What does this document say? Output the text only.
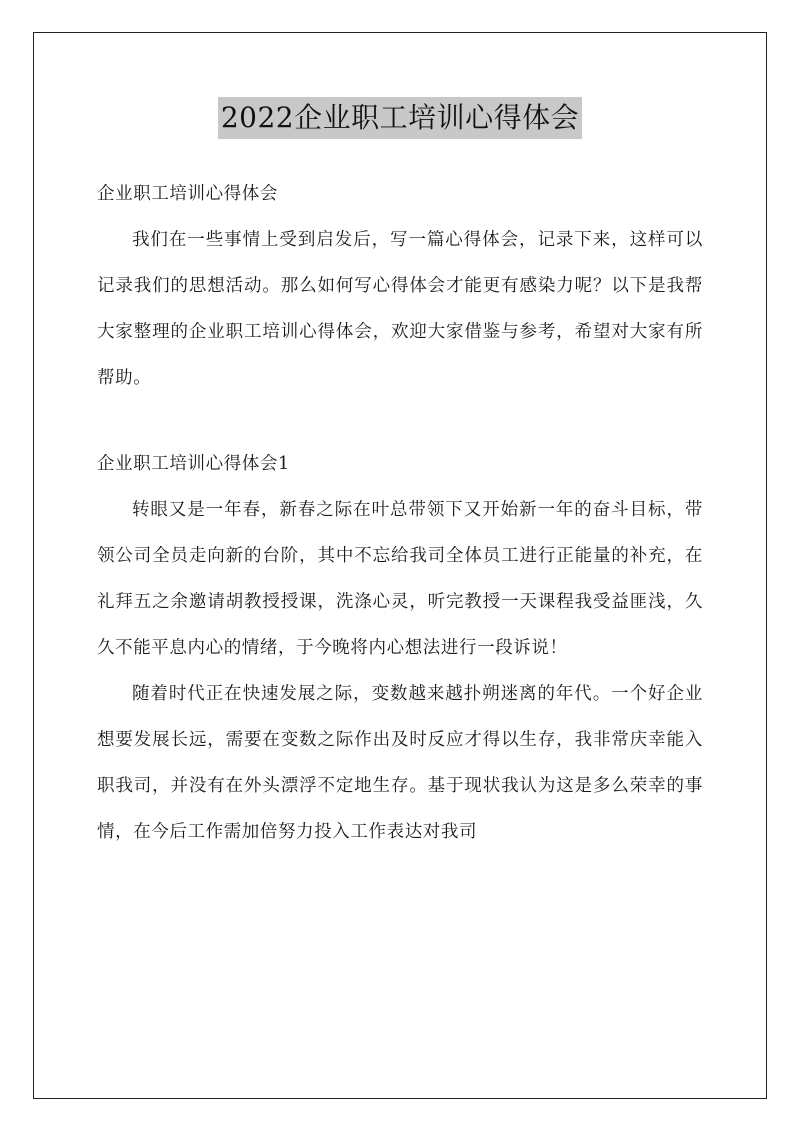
2022企业职工培训心得体会

企业职工培训心得体会

我们在一些事情上受到启发后，写一篇心得体会，记录下来，这样可以记录我们的思想活动。那么如何写心得体会才能更有感染力呢？以下是我帮大家整理的企业职工培训心得体会，欢迎大家借鉴与参考，希望对大家有所帮助。

企业职工培训心得体会1

转眼又是一年春，新春之际在叶总带领下又开始新一年的奋斗目标，带领公司全员走向新的台阶，其中不忘给我司全体员工进行正能量的补充，在礼拜五之余邀请胡教授授课，洗涤心灵，听完教授一天课程我受益匪浅，久久不能平息内心的情绪，于今晚将内心想法进行一段诉说！

随着时代正在快速发展之际，变数越来越扑朔迷离的年代。一个好企业想要发展长远，需要在变数之际作出及时反应才得以生存，我非常庆幸能入职我司，并没有在外头漂浮不定地生存。基于现状我认为这是多么荣幸的事情，在今后工作需加倍努力投入工作表达对我司
